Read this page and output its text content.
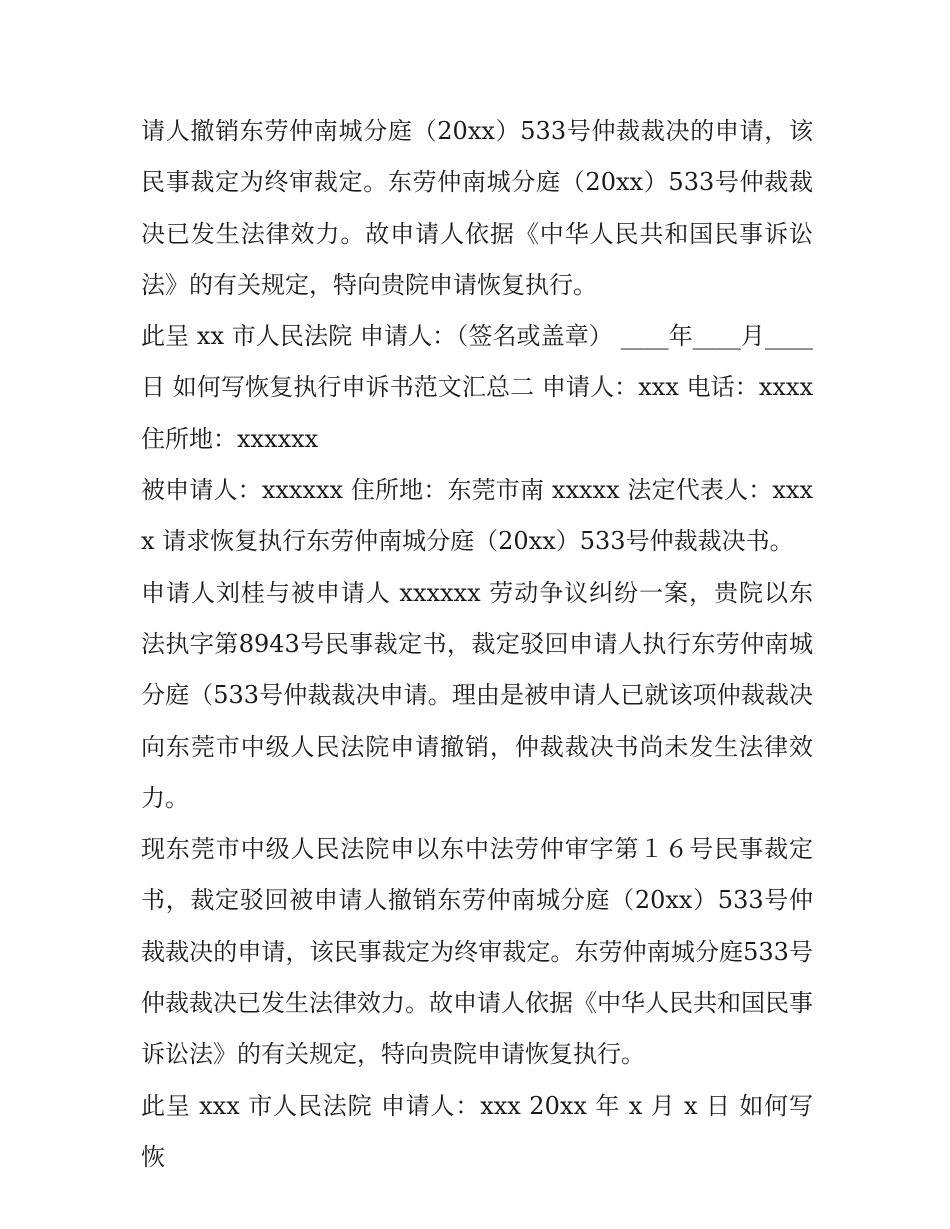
请人撤销东劳仲南城分庭（20xx）533号仲裁裁决的申请，该民事裁定为终审裁定。东劳仲南城分庭（20xx）533号仲裁裁决已发生法律效力。故申请人依据《中华人民共和国民事诉讼法》的有关规定，特向贵院申请恢复执行。

此呈 xx 市人民法院 申请人：（签名或盖章） ____年____月____日 如何写恢复执行申诉书范文汇总二 申请人：xxx 电话：xxxx 住所地：xxxxxx

被申请人：xxxxxx 住所地：东莞市南 xxxxx 法定代表人：xxxx 请求恢复执行东劳仲南城分庭（20xx）533号仲裁裁决书。

申请人刘桂与被申请人 xxxxxx 劳动争议纠纷一案，贵院以东法执字第8943号民事裁定书，裁定驳回申请人执行东劳仲南城分庭（533号仲裁裁决申请。理由是被申请人已就该项仲裁裁决向东莞市中级人民法院申请撤销，仲裁裁决书尚未发生法律效力。

现东莞市中级人民法院申以东中法劳仲审字第１６号民事裁定书，裁定驳回被申请人撤销东劳仲南城分庭（20xx）533号仲裁裁决的申请，该民事裁定为终审裁定。东劳仲南城分庭533号仲裁裁决已发生法律效力。故申请人依据《中华人民共和国民事诉讼法》的有关规定，特向贵院申请恢复执行。

此呈 xxx 市人民法院 申请人：xxx 20xx 年 x 月 x 日 如何写恢
